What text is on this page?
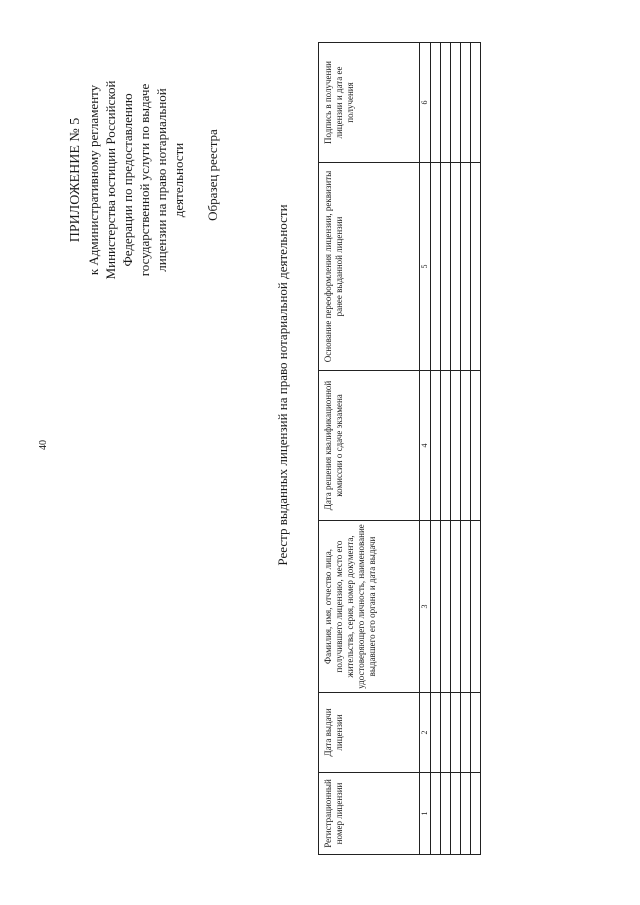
40
ПРИЛОЖЕНИЕ № 5 к Административному регламенту Министерства юстиции Российской Федерации по предоставлению государственной услуги по выдаче лицензии на право нотариальной деятельности Образец реестра
Реестр выданных лицензий на право нотариальной деятельности
Регистрационный номер лицензии	Дата выдачи лицензии	Фамилия, имя, отчество лица, получившего лицензию, место его жительства, серия, номер документа, удостоверяющего личность, наименование выдавшего его органа и дата выдачи	Дата решения квалификационной комиссии о сдаче экзамена	Основание переоформления лицензии, реквизиты ранее выданной лицензии	Подпись в получении лицензии и дата ее получения
1	2	3	4	5	6
